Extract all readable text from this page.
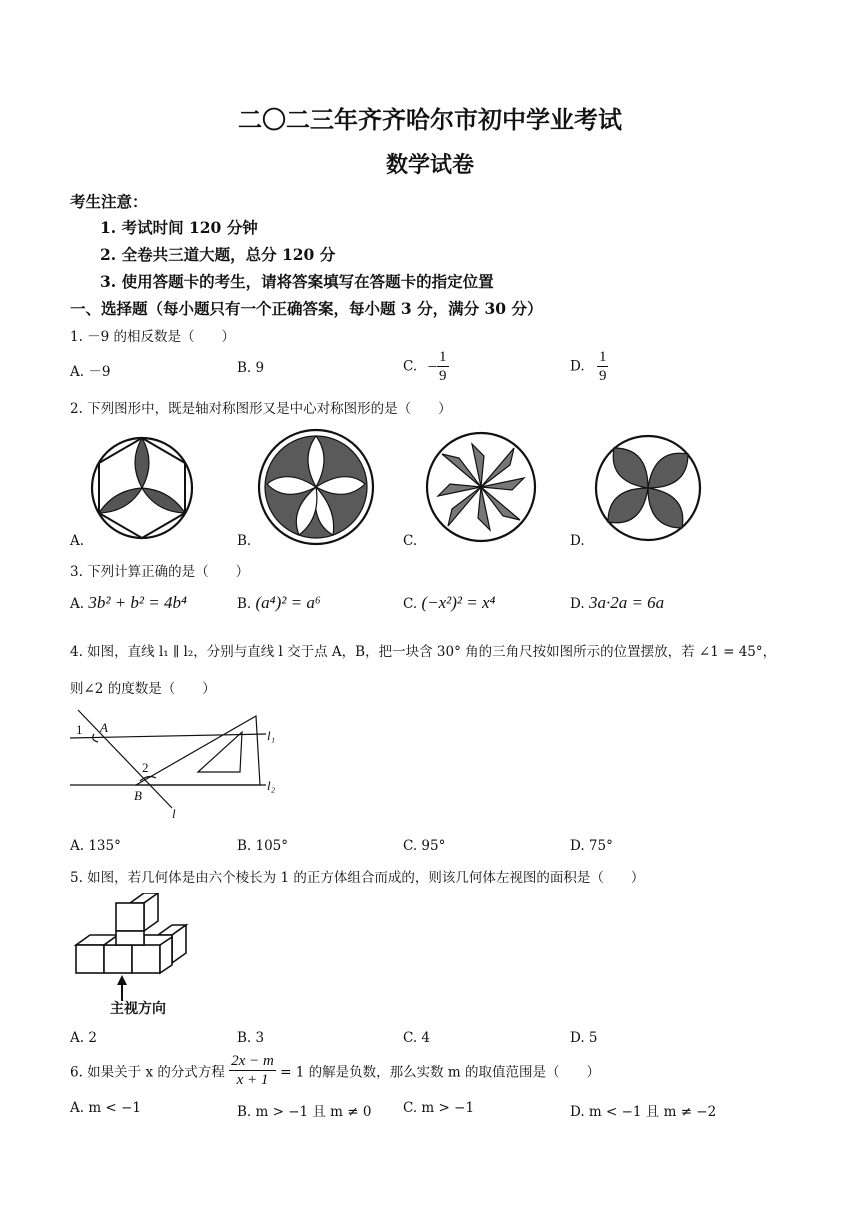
二〇二三年齐齐哈尔市初中学业考试
数学试卷
考生注意：
1. 考试时间 120 分钟
2. 全卷共三道大题，总分 120 分
3. 使用答题卡的考生，请将答案填写在答题卡的指定位置
一、选择题（每小题只有一个正确答案，每小题 3 分，满分 30 分）
1. －9 的相反数是（　　）
A. －9	B. 9	C. − $\frac{1}{9}$	D. $\frac{1}{9}$
2. 下列图形中，既是轴对称图形又是中心对称图形的是（　　）
A.	B.	C.	D.
3. 下列计算正确的是（　　）
A. 3b² + b² = 4b⁴	B. (a⁴)² = a⁶	C. (−x²)² = x⁴	D. 3a·2a = 6a
4. 如图，直线 l₁ ∥ l₂，分别与直线 l 交于点 A，B，把一块含 30° 角的三角尺按如图所示的位置摆放，若 ∠1 = 45°，
则∠2 的度数是（　　）
1 A
2
B
l
l₁
l₂
A. 135°	B. 105°	C. 95°	D. 75°
5. 如图，若几何体是由六个棱长为 1 的正方体组合而成的，则该几何体左视图的面积是（　　）
主视方向
A. 2	B. 3	C. 4	D. 5
6. 如果关于 x 的分式方程 $\frac{2x - m}{x + 1} = 1$ 的解是负数，那么实数 m 的取值范围是（　　）
A. m < −1	B. m > −1 且 m ≠ 0 C. m > −1	D. m < −1 且 m ≠ −2
